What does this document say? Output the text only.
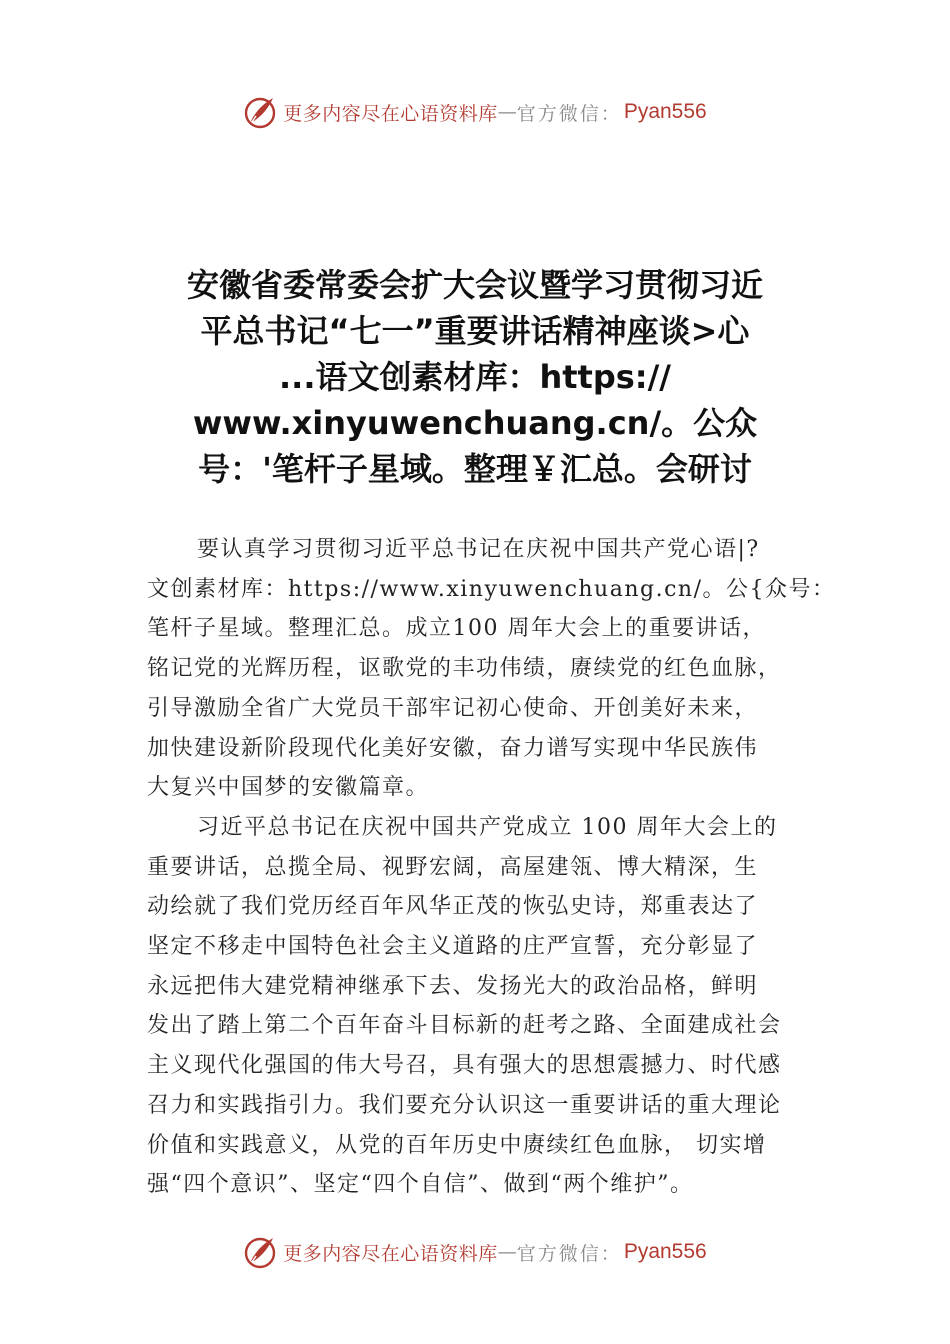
更多内容尽在心语资料库 — 官方微信： Pyan556
安徽省委常委会扩大会议暨学习贯彻习近
平总书记“七一”重要讲话精神座谈>心
...语文创素材库：https://
www.xinyuwenchuang.cn/。公众
号：'笔杆子星域。整理￥汇总。会研讨

要认真学习贯彻习近平总书记在庆祝中国共产党心语|?
文创素材库：https://www.xinyuwenchuang.cn/。公{众号：
笔杆子星域。整理汇总。成立100 周年大会上的重要讲话，
铭记党的光辉历程，讴歌党的丰功伟绩，赓续党的红色血脉，
引导激励全省广大党员干部牢记初心使命、开创美好未来，
加快建设新阶段现代化美好安徽，奋力谱写实现中华民族伟
大复兴中国梦的安徽篇章。

习近平总书记在庆祝中国共产党成立 100 周年大会上的
重要讲话，总揽全局、视野宏阔，高屋建瓴、博大精深，生
动绘就了我们党历经百年风华正茂的恢弘史诗，郑重表达了
坚定不移走中国特色社会主义道路的庄严宣誓，充分彰显了
永远把伟大建党精神继承下去、发扬光大的政治品格，鲜明
发出了踏上第二个百年奋斗目标新的赶考之路、全面建成社会
主义现代化强国的伟大号召，具有强大的思想震撼力、时代感
召力和实践指引力。我们要充分认识这一重要讲话的重大理论
价值和实践意义，从党的百年历史中赓续红色血脉， 切实增
强“四个意识”、坚定“四个自信”、做到“两个维护”。

更多内容尽在心语资料库 — 官方微信： Pyan556
